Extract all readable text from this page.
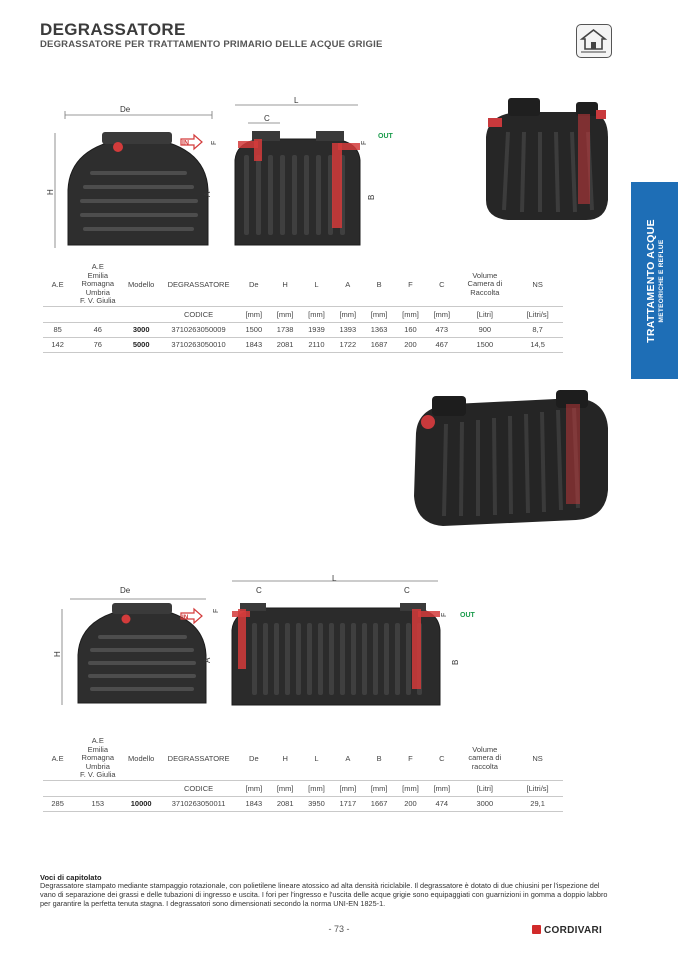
DEGRASSATORE
DEGRASSATORE PER TRATTAMENTO PRIMARIO DELLE ACQUE GRIGIE
TRATTAMENTO ACQUE METEORICHE E REFLUE
De
H
IN
L
C
F
A
F
B
OUT
A.E	A.E
Emilia
Romagna
Umbria
F. V. Giulia	Modello	DEGRASSATORE	De	H	L	A	B	F	C	Volume
Camera di
Raccolta	NS
			CODICE	[mm]	[mm]	[mm]	[mm]	[mm]	[mm]	[mm]	[Litri]	[Litri/s]
85	46	3000	3710263050009	1500	1738	1939	1393	1363	160	473	900	8,7
142	76	5000	3710263050010	1843	2081	2110	1722	1687	200	467	1500	14,5
De
H
IN
F
A
L
C	C
F
B
OUT
A.E	A.E
Emilia
Romagna
Umbria
F. V. Giulia	Modello	DEGRASSATORE	De	H	L	A	B	F	C	Volume
camera di
raccolta	NS
			CODICE	[mm]	[mm]	[mm]	[mm]	[mm]	[mm]	[mm]	[Litri]	[Litri/s]
285	153	10000	3710263050011	1843	2081	3950	1717	1667	200	474	3000	29,1
Voci di capitolato
Degrassatore stampato mediante stampaggio rotazionale, con polietilene lineare atossico ad alta densità riciclabile. Il degrassatore è dotato di due chiusini per l'ispezione del vano di separazione dei grassi e delle tubazioni di ingresso e uscita. I fori per l'ingresso e l'uscita delle acque grigie sono equipaggiati con guarnizioni in gomma a doppio labbro per garantire la perfetta tenuta stagna. I degrassatori sono dimensionati secondo la norma UNI-EN 1825-1.
- 73 -	CORDIVARI
